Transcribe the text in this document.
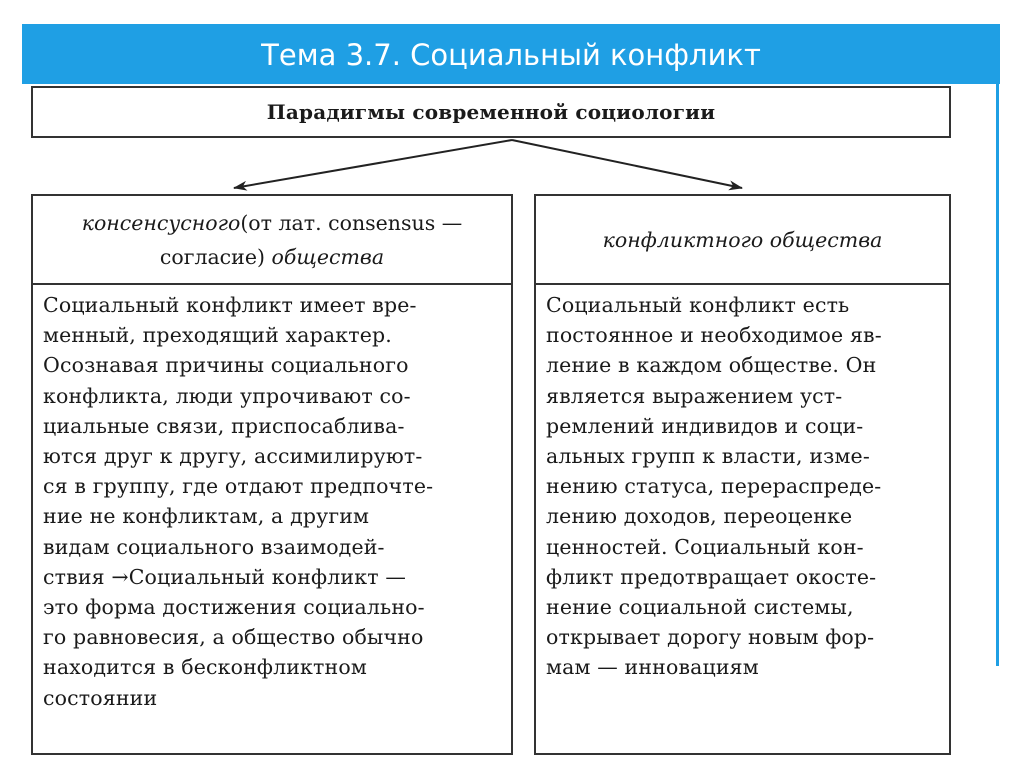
Тема 3.7. Социальный конфликт
Парадигмы современной социологии
консенсусного(от лат. consensus —
согласие) общества
конфликтного общества
Социальный конфликт имеет вре-
менный, преходящий характер.
Осознавая причины социального
конфликта, люди упрочивают со-
циальные связи, приспосаблива-
ются друг к другу, ассимилируют-
ся в группу, где отдают предпочте-
ние не конфликтам, а другим
видам социального взаимодей-
ствия →Социальный конфликт —
это форма достижения социально-
го равновесия, а общество обычно
находится в бесконфликтном
состоянии
Социальный конфликт есть
постоянное и необходимое яв-
ление в каждом обществе. Он
является выражением уст-
ремлений индивидов и соци-
альных групп к власти, изме-
нению статуса, перераспреде-
лению доходов, переоценке
ценностей. Социальный кон-
фликт предотвращает окосте-
нение социальной системы,
открывает дорогу новым фор-
мам — инновациям
